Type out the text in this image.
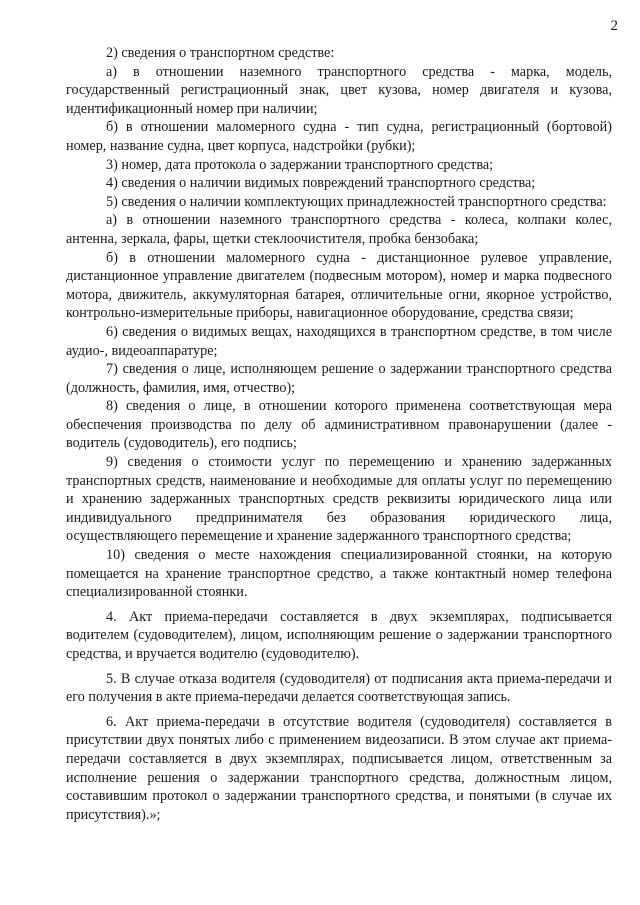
2

2) сведения о транспортном средстве:

а) в отношении наземного транспортного средства - марка, модель, государственный регистрационный знак, цвет кузова, номер двигателя и кузова, идентификационный номер при наличии;

б) в отношении маломерного судна - тип судна, регистрационный (бортовой) номер, название судна, цвет корпуса, надстройки (рубки);

3) номер, дата протокола о задержании транспортного средства;

4) сведения о наличии видимых повреждений транспортного средства;

5) сведения о наличии комплектующих принадлежностей транспортного средства:

а) в отношении наземного транспортного средства - колеса, колпаки колес, антенна, зеркала, фары, щетки стеклоочистителя, пробка бензобака;

б) в отношении маломерного судна - дистанционное рулевое управление, дистанционное управление двигателем (подвесным мотором), номер и марка подвесного мотора, движитель, аккумуляторная батарея, отличительные огни, якорное устройство, контрольно-измерительные приборы, навигационное оборудование, средства связи;

6) сведения о видимых вещах, находящихся в транспортном средстве, в том числе аудио-, видеоаппаратуре;

7) сведения о лице, исполняющем решение о задержании транспортного средства (должность, фамилия, имя, отчество);

8) сведения о лице, в отношении которого применена соответствующая мера обеспечения производства по делу об административном правонарушении (далее - водитель (судоводитель), его подпись;

9) сведения о стоимости услуг по перемещению и хранению задержанных транспортных средств, наименование и необходимые для оплаты услуг по перемещению и хранению задержанных транспортных средств реквизиты юридического лица или индивидуального предпринимателя без образования юридического лица, осуществляющего перемещение и хранение задержанного транспортного средства;

10) сведения о месте нахождения специализированной стоянки, на которую помещается на хранение транспортное средство, а также контактный номер телефона специализированной стоянки.

4. Акт приема-передачи составляется в двух экземплярах, подписывается водителем (судоводителем), лицом, исполняющим решение о задержании транспортного средства, и вручается водителю (судоводителю).

5. В случае отказа водителя (судоводителя) от подписания акта приема-передачи и его получения в акте приема-передачи делается соответствующая запись.

6. Акт приема-передачи в отсутствие водителя (судоводителя) составляется в присутствии двух понятых либо с применением видеозаписи. В этом случае акт приема-передачи составляется в двух экземплярах, подписывается лицом, ответственным за исполнение решения о задержании транспортного средства, должностным лицом, составившим протокол о задержании транспортного средства, и понятыми (в случае их присутствия).»;
